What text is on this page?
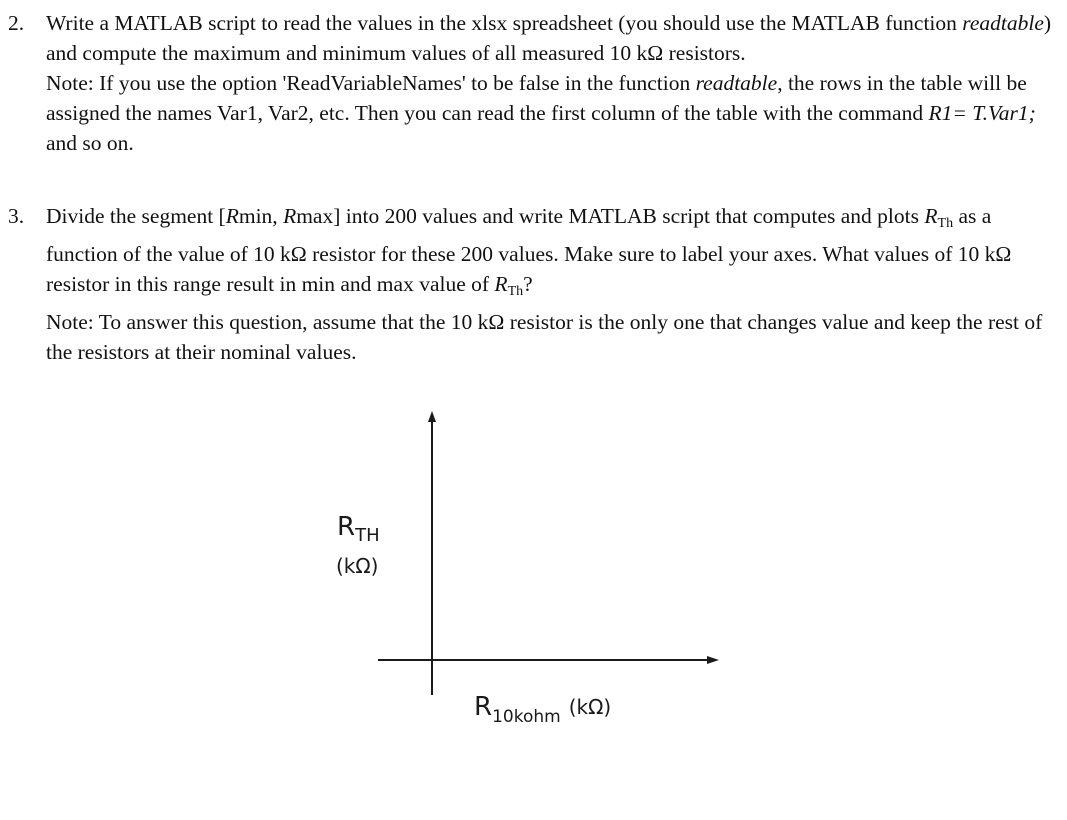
2. Write a MATLAB script to read the values in the xlsx spreadsheet (you should use the MATLAB function readtable) and compute the maximum and minimum values of all measured 10 kΩ resistors.

Note: If you use the option 'ReadVariableNames' to be false in the function readtable, the rows in the table will be assigned the names Var1, Var2, etc. Then you can read the first column of the table with the command R1= T.Var1; and so on.

3. Divide the segment [Rmin, Rmax] into 200 values and write MATLAB script that computes and plots $R_{Th}$ as a function of the value of 10 kΩ resistor for these 200 values. Make sure to label your axes. What values of 10 kΩ resistor in this range result in min and max value of $R_{Th}$?

Note: To answer this question, assume that the 10 kΩ resistor is the only one that changes value and keep the rest of the resistors at their nominal values.

$R_{TH}$
(kΩ)
$R_{10kohm}$ $^{(k\Omega)}$
